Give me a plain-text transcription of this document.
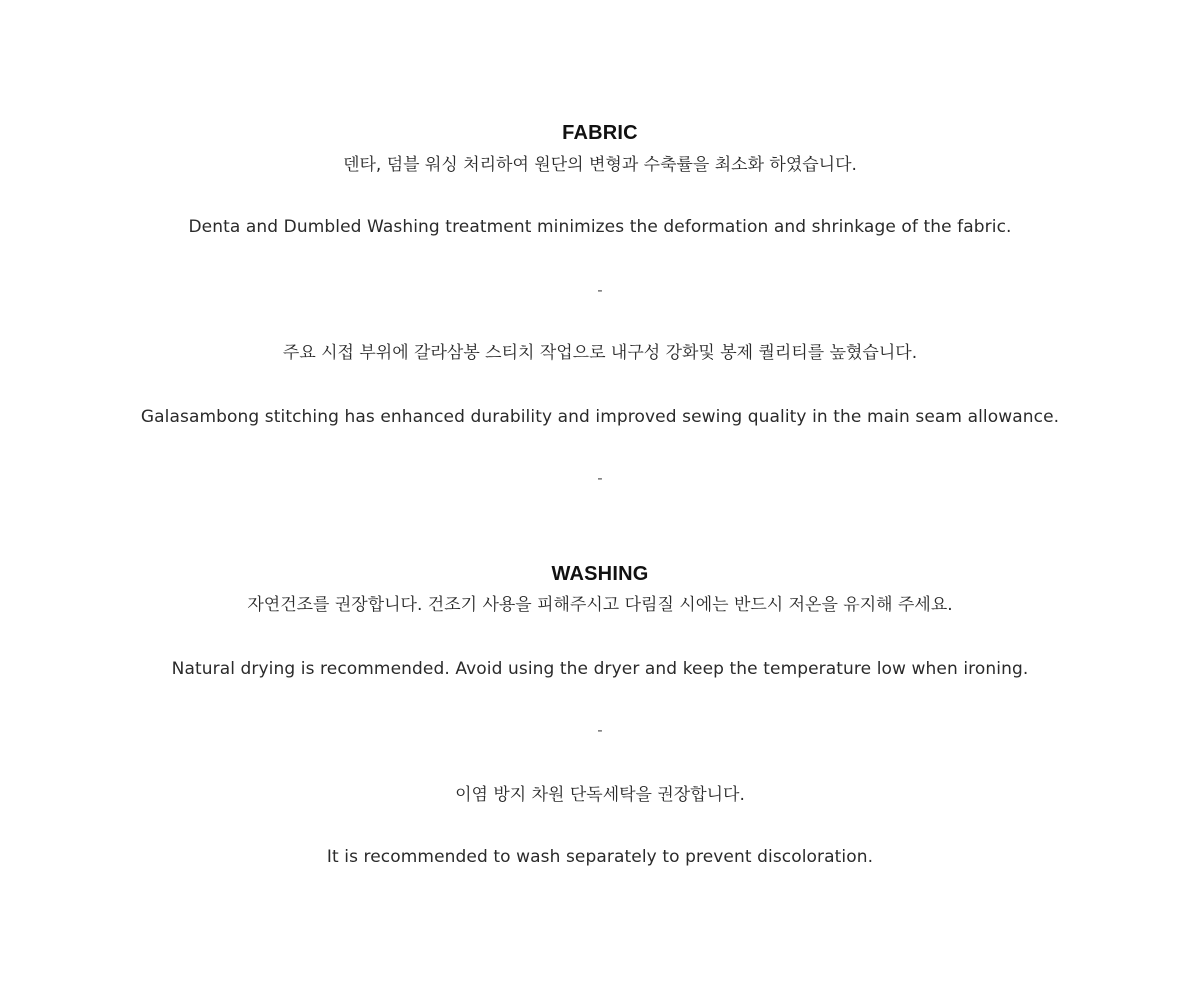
FABRIC
덴타, 덤블 워싱 처리하여 원단의 변형과 수축률을 최소화 하였습니다.
Denta and Dumbled Washing treatment minimizes the deformation and shrinkage of the fabric.
-
주요 시접 부위에 갈라삼봉 스티치 작업으로 내구성 강화및 봉제 퀄리티를 높혔습니다.
Galasambong stitching has enhanced durability and improved sewing quality in the main seam allowance.
-
WASHING
자연건조를 권장합니다. 건조기 사용을 피해주시고 다림질 시에는 반드시 저온을 유지해 주세요.
Natural drying is recommended. Avoid using the dryer and keep the temperature low when ironing.
-
이염 방지 차원 단독세탁을 권장합니다.
It is recommended to wash separately to prevent discoloration.
